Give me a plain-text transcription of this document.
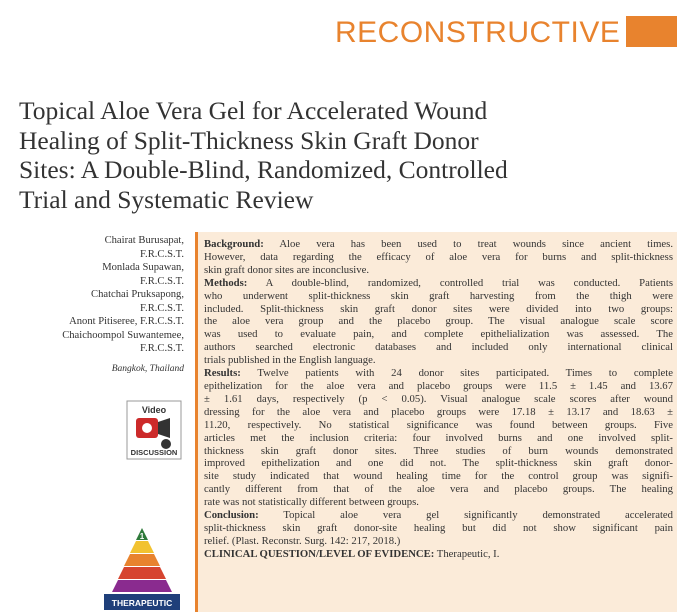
RECONSTRUCTIVE
Topical Aloe Vera Gel for Accelerated Wound
Healing of Split-Thickness Skin Graft Donor
Sites: A Double-Blind, Randomized, Controlled
Trial and Systematic Review
Chairat Burusapat,
F.R.C.S.T.
Monlada Supawan,
F.R.C.S.T.
Chatchai Pruksapong,
F.R.C.S.T.
Anont Pitiseree, F.R.C.S.T.
Chaichoompol Suwantemee,
F.R.C.S.T.
Bangkok, Thailand
Video
DISCUSSION
1
THERAPEUTIC

Background: Aloe vera has been used to treat wounds since ancient times.
However, data regarding the efficacy of aloe vera for burns and split-thickness
skin graft donor sites are inconclusive.

Methods: A double-blind, randomized, controlled trial was conducted. Patients
who underwent split-thickness skin graft harvesting from the thigh were
included. Split-thickness skin graft donor sites were divided into two groups:
the aloe vera group and the placebo group. The visual analogue scale score
was used to evaluate pain, and complete epithelialization was assessed. The
authors searched electronic databases and included only international clinical
trials published in the English language.

Results: Twelve patients with 24 donor sites participated. Times to complete
epithelization for the aloe vera and placebo groups were 11.5 ± 1.45 and 13.67
± 1.61 days, respectively (p < 0.05). Visual analogue scale scores after wound
dressing for the aloe vera and placebo groups were 17.18 ± 13.17 and 18.63 ±
11.20, respectively. No statistical significance was found between groups. Five
articles met the inclusion criteria: four involved burns and one involved split-
thickness skin graft donor sites. Three studies of burn wounds demonstrated
improved epithelization and one did not. The split-thickness skin graft donor-
site study indicated that wound healing time for the control group was signifi-
cantly different from that of the aloe vera and placebo groups. The healing
rate was not statistically different between groups.

Conclusion: Topical aloe vera gel significantly demonstrated accelerated
split-thickness skin graft donor-site healing but did not show significant pain
relief. (Plast. Reconstr. Surg. 142: 217, 2018.)

CLINICAL QUESTION/LEVEL OF EVIDENCE: Therapeutic, I.
